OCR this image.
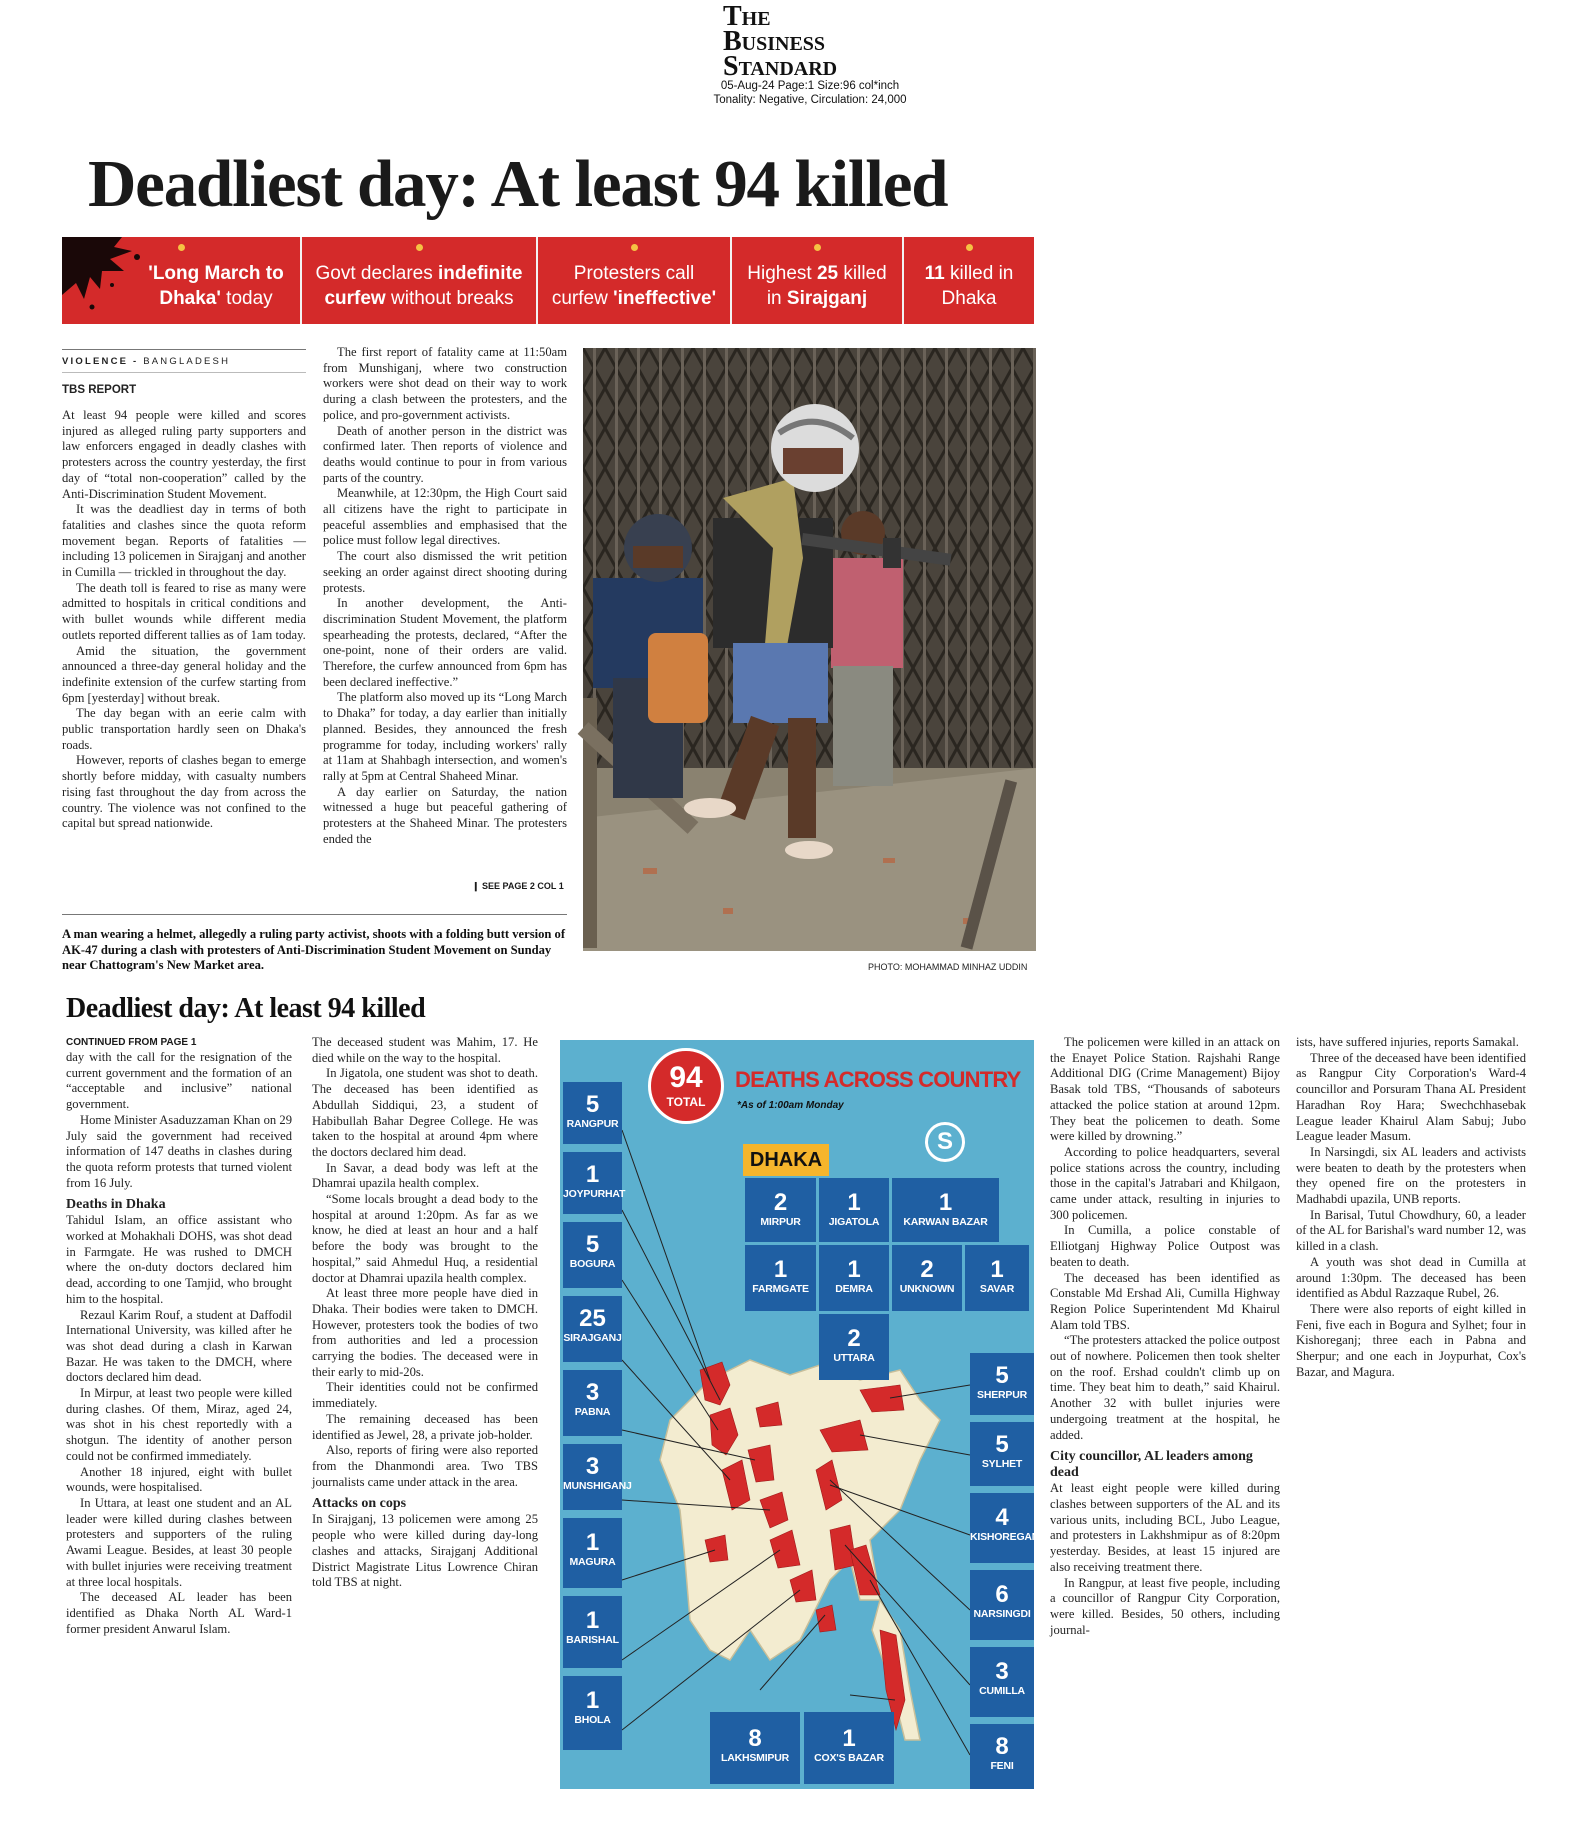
The
Business
Standard
05-Aug-24 Page:1 Size:96 col*inch
Tonality: Negative, Circulation: 24,000
Deadliest day: At least 94 killed
'Long March to
Dhaka' today
Govt declares indefinite
curfew without breaks
Protesters call
curfew 'ineffective'
Highest 25 killed
in Sirajganj
11 killed in
Dhaka
VIOLENCE - BANGLADESH
TBS REPORT

At least 94 people were killed and scores injured as alleged ruling party supporters and law enforcers engaged in deadly clashes with protesters across the country yesterday, the first day of “total non-cooperation” called by the Anti-Discrimination Student Movement.

It was the deadliest day in terms of both fatalities and clashes since the quota reform movement began. Reports of fatalities — including 13 policemen in Sirajganj and another in Cumilla — trickled in throughout the day.

The death toll is feared to rise as many were admitted to hospitals in critical conditions and with bullet wounds while different media outlets reported different tallies as of 1am today.

Amid the situation, the government announced a three-day general holiday and the indefinite extension of the curfew starting from 6pm [yesterday] without break.

The day began with an eerie calm with public transportation hardly seen on Dhaka's roads.

However, reports of clashes began to emerge shortly before midday, with casualty numbers rising fast throughout the day from across the country. The violence was not confined to the capital but spread nationwide.

The first report of fatality came at 11:50am from Munshiganj, where two construction workers were shot dead on their way to work during a clash between the protesters, and the police, and pro-government activists.

Death of another person in the district was confirmed later. Then reports of violence and deaths would continue to pour in from various parts of the country.

Meanwhile, at 12:30pm, the High Court said all citizens have the right to participate in peaceful assemblies and emphasised that the police must follow legal directives.

The court also dismissed the writ petition seeking an order against direct shooting during protests.

In another development, the Anti-discrimination Student Movement, the platform spearheading the protests, declared, “After the one-point, none of their orders are valid. Therefore, the curfew announced from 6pm has been declared ineffective.”

The platform also moved up its “Long March to Dhaka” for today, a day earlier than initially planned. Besides, they announced the fresh programme for today, including workers' rally at 11am at Shahbagh intersection, and women's rally at 5pm at Central Shaheed Minar.

A day earlier on Saturday, the nation witnessed a huge but peaceful gathering of protesters at the Shaheed Minar. The protesters ended the

❙ SEE PAGE 2 COL 1
PHOTO: MOHAMMAD MINHAZ UDDIN
A man wearing a helmet, allegedly a ruling party activist, shoots with a folding butt version of AK-47 during a clash with protesters of Anti-Discrimination Student Movement on Sunday near Chattogram's New Market area.
Deadliest day: At least 94 killed
CONTINUED FROM PAGE 1

day with the call for the resignation of the current government and the formation of an “acceptable and inclusive” national government.

Home Minister Asaduzzaman Khan on 29 July said the government had received information of 147 deaths in clashes during the quota reform protests that turned violent from 16 July.

Deaths in Dhaka

Tahidul Islam, an office assistant who worked at Mohakhali DOHS, was shot dead in Farmgate. He was rushed to DMCH where the on-duty doctors declared him dead, according to one Tamjid, who brought him to the hospital.

Rezaul Karim Rouf, a student at Daffodil International University, was killed after he was shot dead during a clash in Karwan Bazar. He was taken to the DMCH, where doctors declared him dead.

In Mirpur, at least two people were killed during clashes. Of them, Miraz, aged 24, was shot in his chest reportedly with a shotgun. The identity of another person could not be confirmed immediately.

Another 18 injured, eight with bullet wounds, were hospitalised.

In Uttara, at least one student and an AL leader were killed during clashes between protesters and supporters of the ruling Awami League. Besides, at least 30 people with bullet injuries were receiving treatment at three local hospitals.

The deceased AL leader has been identified as Dhaka North AL Ward-1 former president Anwarul Islam.

The deceased student was Mahim, 17. He died while on the way to the hospital.

In Jigatola, one student was shot to death. The deceased has been identified as Abdullah Siddiqui, 23, a student of Habibullah Bahar Degree College. He was taken to the hospital at around 4pm where the doctors declared him dead.

In Savar, a dead body was left at the Dhamrai upazila health complex.

“Some locals brought a dead body to the hospital at around 1:20pm. As far as we know, he died at least an hour and a half before the body was brought to the hospital,” said Ahmedul Huq, a residential doctor at Dhamrai upazila health complex.

At least three more people have died in Dhaka. Their bodies were taken to DMCH. However, protesters took the bodies of two from authorities and led a procession carrying the bodies. The deceased were in their early to mid-20s.

Their identities could not be confirmed immediately.

The remaining deceased has been identified as Jewel, 28, a private job-holder.

Also, reports of firing were also reported from the Dhanmondi area. Two TBS journalists came under attack in the area.

Attacks on cops

In Sirajganj, 13 policemen were among 25 people who were killed during day-long clashes and attacks, Sirajganj Additional District Magistrate Litus Lowrence Chiran told TBS at night.

The policemen were killed in an attack on the Enayet Police Station. Rajshahi Range Additional DIG (Crime Management) Bijoy Basak told TBS, “Thousands of saboteurs attacked the police station at around 12pm. They beat the policemen to death. Some were killed by drowning.”

According to police headquarters, several police stations across the country, including those in the capital's Jatrabari and Khilgaon, came under attack, resulting in injuries to 300 policemen.

In Cumilla, a police constable of Elliotganj Highway Police Outpost was beaten to death.

The deceased has been identified as Constable Md Ershad Ali, Cumilla Highway Region Police Superintendent Md Khairul Alam told TBS.

“The protesters attacked the police outpost out of nowhere. Policemen then took shelter on the roof. Ershad couldn't climb up on time. They beat him to death,” said Khairul. Another 32 with bullet injuries were undergoing treatment at the hospital, he added.

City councillor, AL leaders among dead

At least eight people were killed during clashes between supporters of the AL and its various units, including BCL, Jubo League, and protesters in Lakhshmipur as of 8:20pm yesterday. Besides, at least 15 injured are also receiving treatment there.

In Rangpur, at least five people, including a councillor of Rangpur City Corporation, were killed. Besides, 50 others, including journal-

ists, have suffered injuries, reports Samakal.

Three of the deceased have been identified as Rangpur City Corporation's Ward-4 councillor and Porsuram Thana AL President Haradhan Roy Hara; Swechchhasebak League leader Khairul Alam Sabuj; Jubo League leader Masum.

In Narsingdi, six AL leaders and activists were beaten to death by the protesters when they opened fire on the protesters in Madhabdi upazila, UNB reports.

In Barisal, Tutul Chowdhury, 60, a leader of the AL for Barishal's ward number 12, was killed in a clash.

A youth was shot dead in Cumilla at around 1:30pm. The deceased has been identified as Abdul Razzaque Rubel, 26.

There were also reports of eight killed in Feni, five each in Bogura and Sylhet; four in Kishoreganj; three each in Pabna and Sherpur; and one each in Joypurhat, Cox's Bazar, and Magura.

94
TOTAL
DEATHS ACROSS COUNTRY
*As of 1:00am Monday
S
DHAKA
5
RANGPUR
1
JOYPURHAT
5
BOGURA
25
SIRAJGANJ
3
PABNA
3
MUNSHIGANJ
1
MAGURA
1
BARISHAL
1
BHOLA
2
MIRPUR
1
JIGATOLA
1
KARWAN BAZAR
1
FARMGATE
1
DEMRA
2
UNKNOWN
1
SAVAR
2
UTTARA
5
SHERPUR
5
SYLHET
4
KISHOREGANJ
6
NARSINGDI
3
CUMILLA
8
FENI
8
LAKHSMIPUR
1
COX'S BAZAR
